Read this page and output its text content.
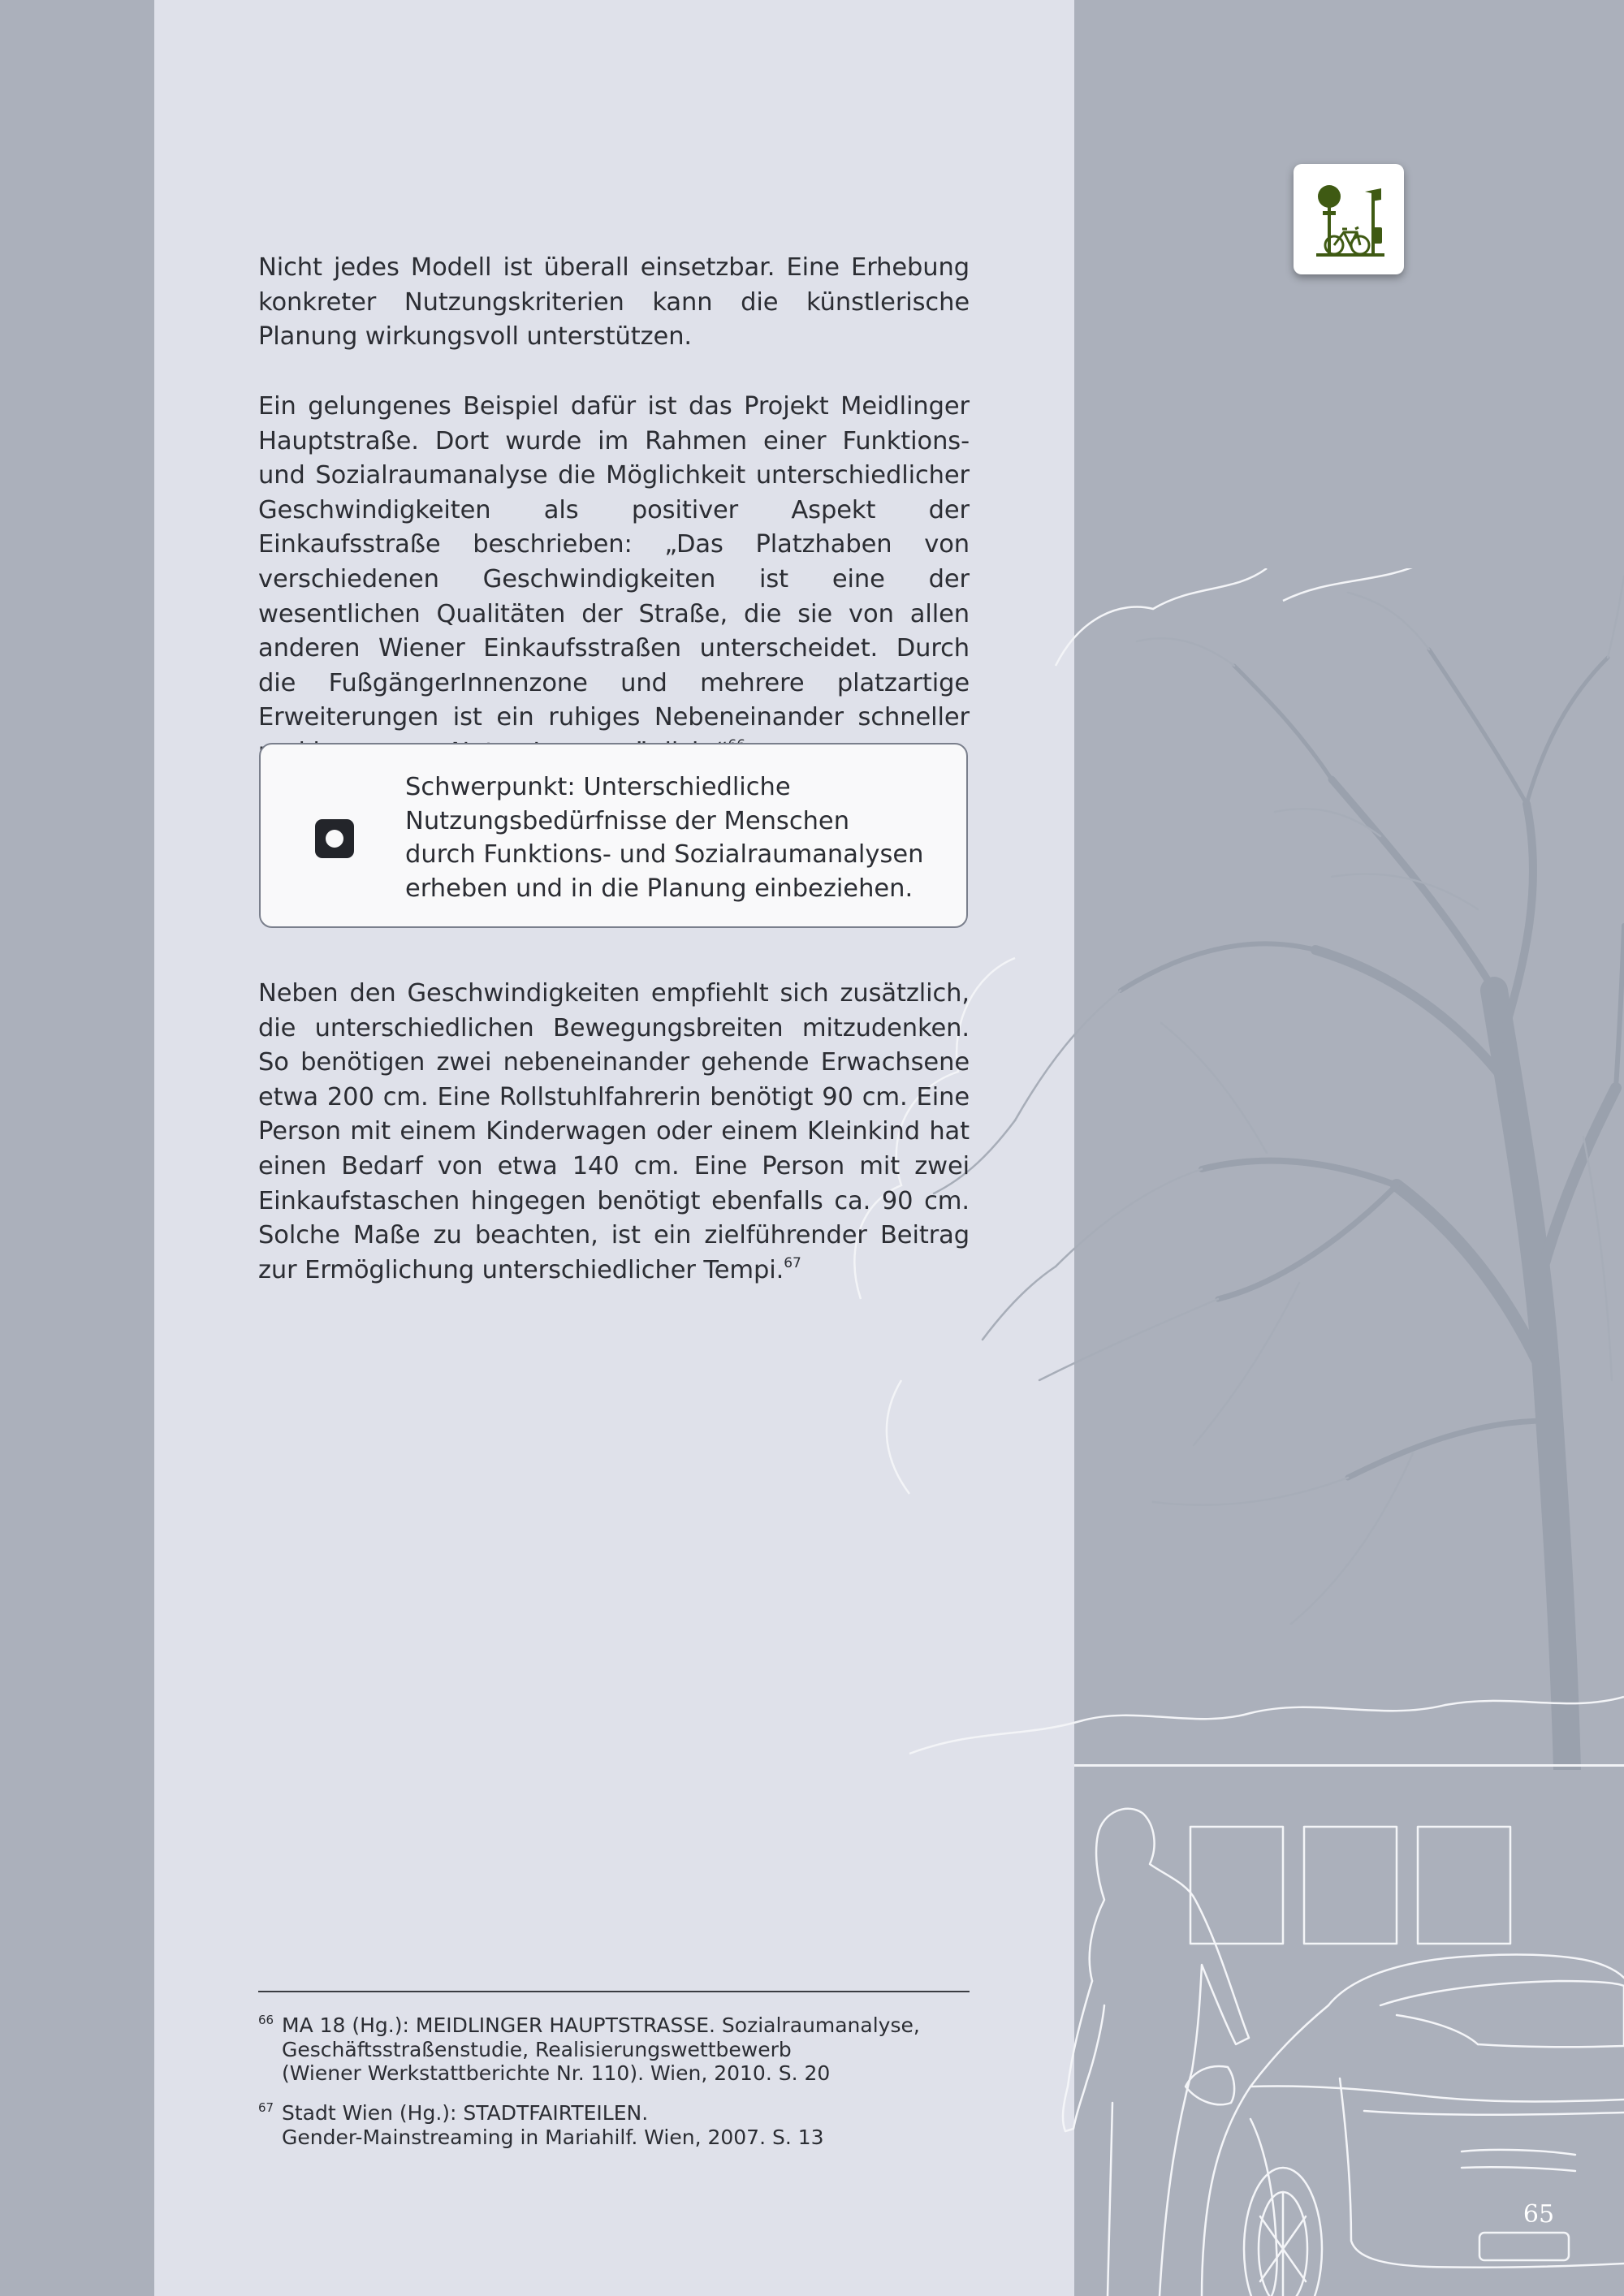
Nicht jedes Modell ist überall einsetzbar. Eine Erhebung konkreter Nutzungskriterien kann die künstlerische Planung wirkungsvoll unterstützen.
Ein gelungenes Beispiel dafür ist das Projekt Meidlinger Hauptstraße. Dort wurde im Rahmen einer Funktions- und Sozialraumanalyse die Möglichkeit unterschiedlicher Geschwindigkeiten als positiver Aspekt der Einkaufsstraße beschrieben: „Das Platzhaben von verschiedenen Geschwindigkeiten ist eine der wesentlichen Qualitäten der Straße, die sie von allen anderen Wiener Einkaufsstraßen unterscheidet. Durch die FußgängerInnenzone und mehrere platzartige Erweiterungen ist ein ruhiges Nebeneinander schneller
Schwerpunkt: Unterschiedliche Nutzungsbedürfnisse der Menschen durch Funktions- und Sozialraumanalysen erheben und in die Planung einbeziehen.
Neben den Geschwindigkeiten empfiehlt sich zusätzlich, die unterschiedlichen Bewegungsbreiten mitzudenken. So benötigen zwei nebeneinander gehende Erwachsene etwa 200 cm. Eine Rollstuhlfahrerin benötigt 90 cm. Eine Person mit einem Kinderwagen oder einem Kleinkind hat einen Bedarf von etwa 140 cm. Eine Person mit zwei Einkaufstaschen hingegen benötigt ebenfalls ca. 90 cm. Solche Maße zu beachten, ist ein zielführender Beitrag zur Ermöglichung unterschiedlicher Tempi.$^{67}$
66 MA 18 (Hg.): MEIDLINGER HAUPTSTRASSE. Sozialraumanalyse,
Geschäftsstraßenstudie, Realisierungswettbewerb
(Wiener Werkstattberichte Nr. 110). Wien, 2010. S. 20
67 Stadt Wien (Hg.): STADTFAIRTEILEN.
Gender-Mainstreaming in Mariahilf. Wien, 2007. S. 13
65
